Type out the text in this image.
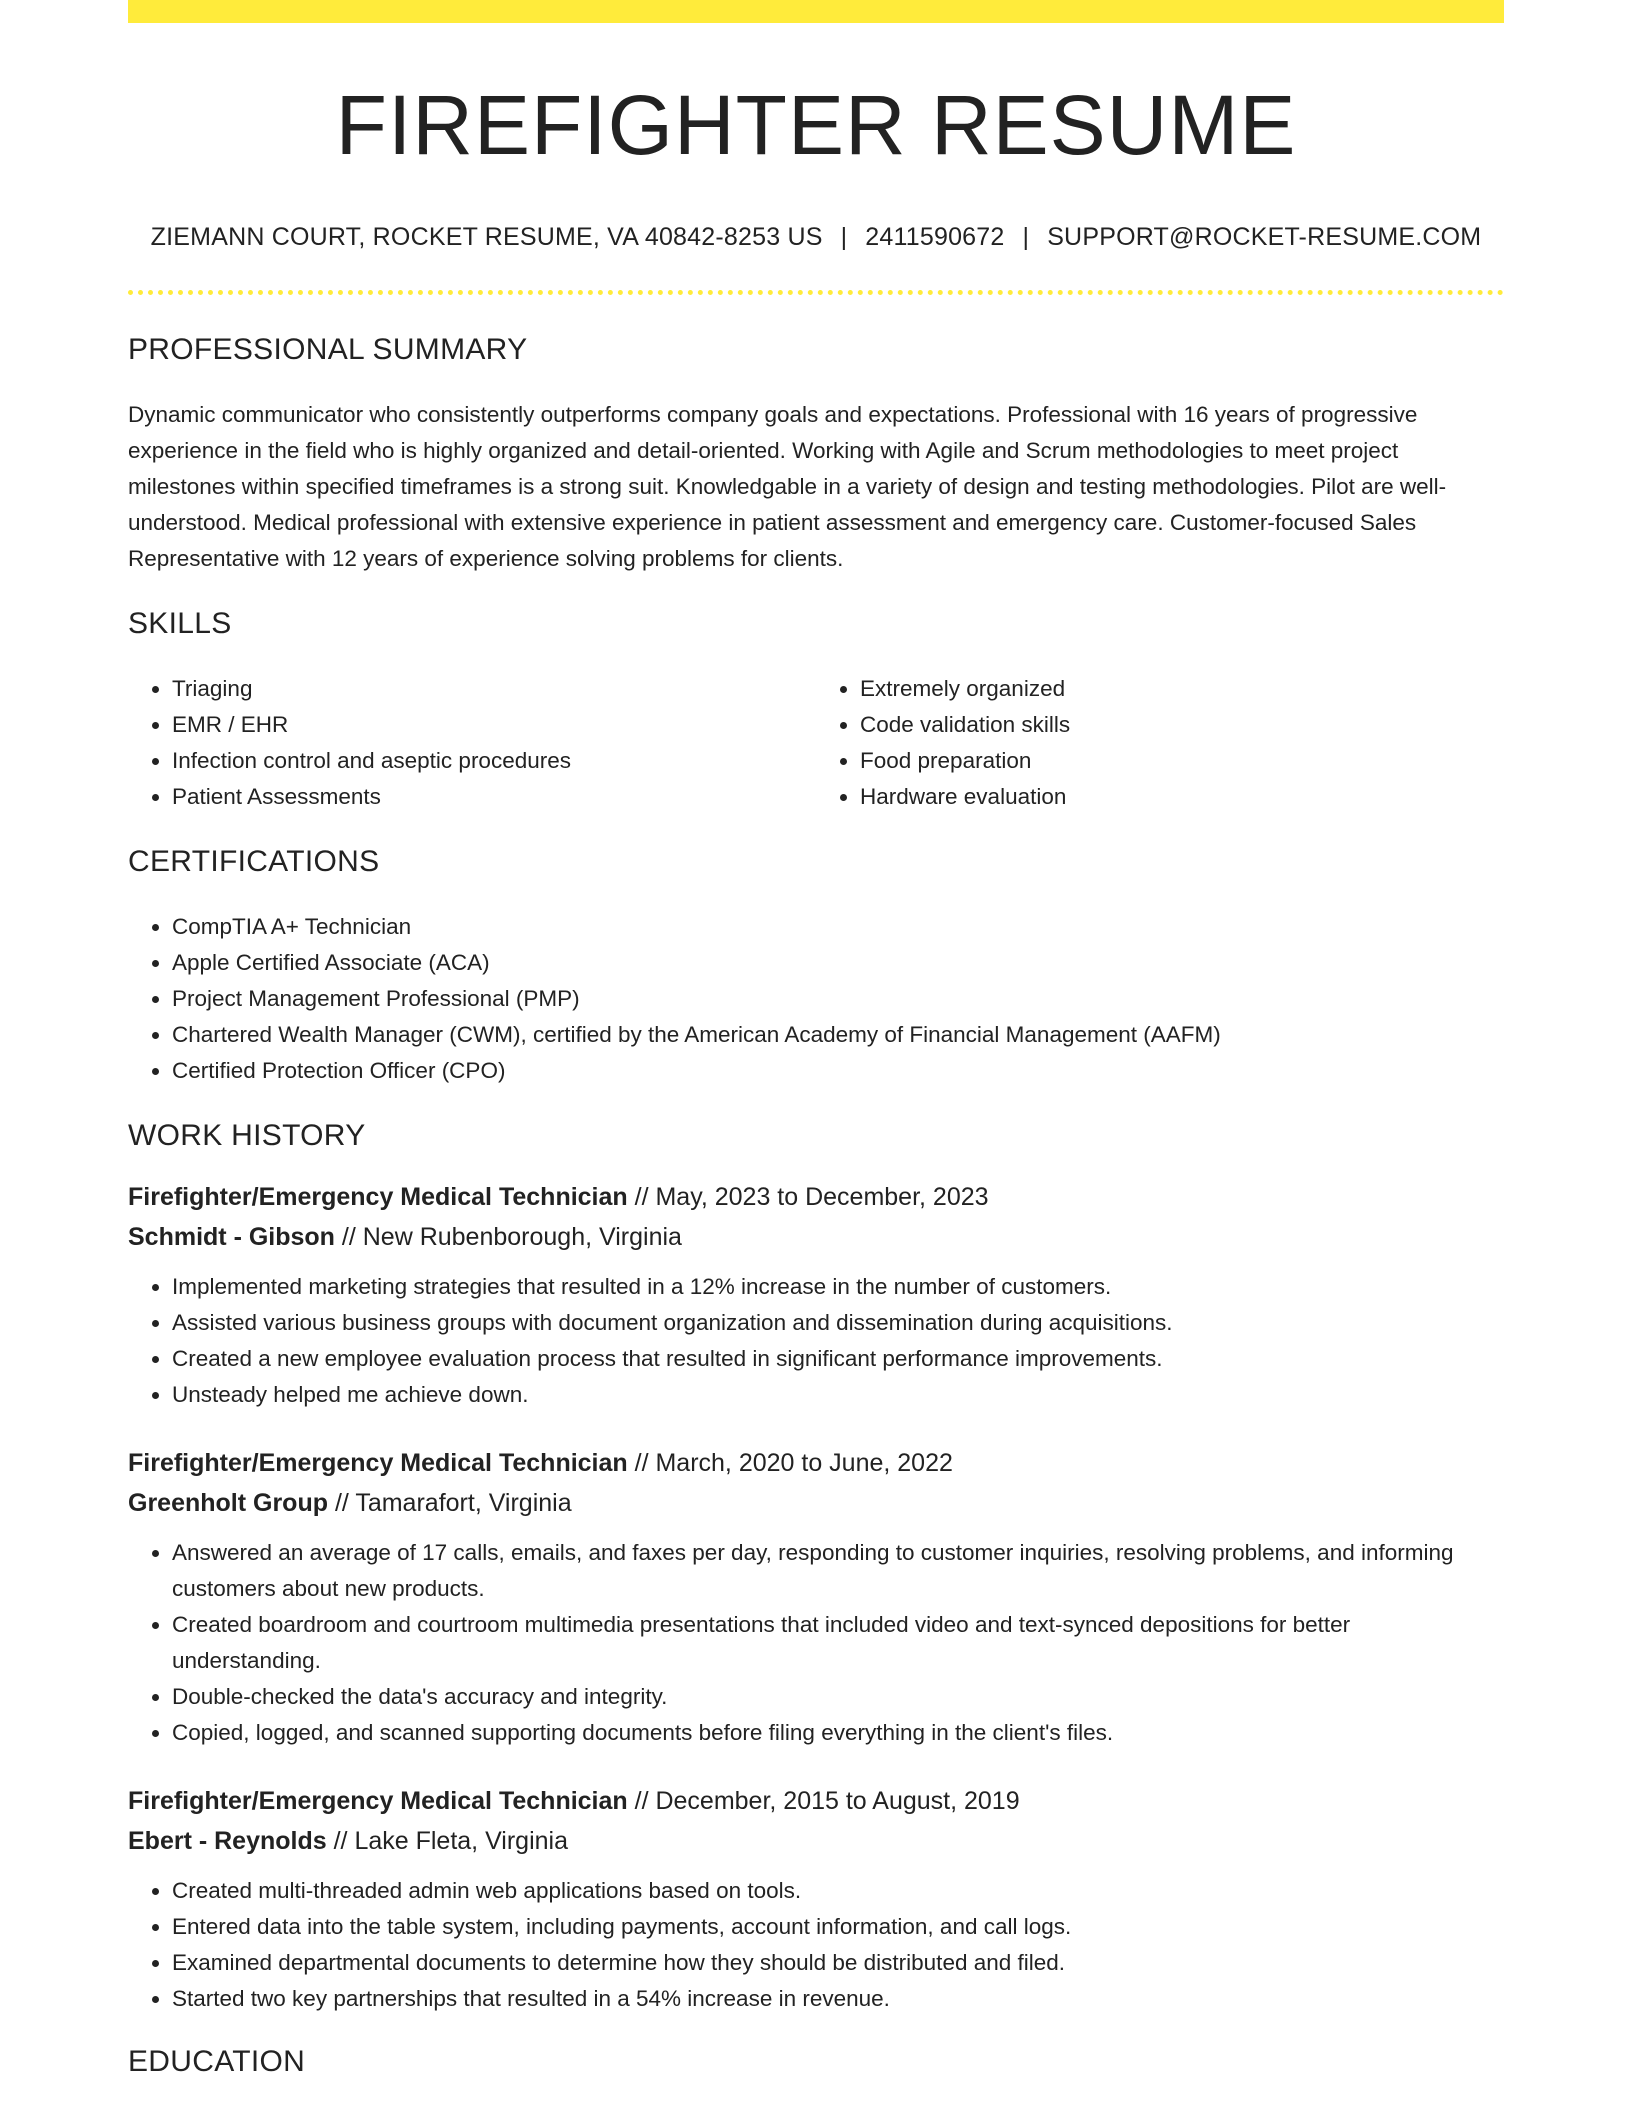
FIREFIGHTER RESUME
ZIEMANN COURT, ROCKET RESUME, VA 40842-8253 US | 2411590672 | SUPPORT@ROCKET-RESUME.COM
PROFESSIONAL SUMMARY

Dynamic communicator who consistently outperforms company goals and expectations. Professional with 16 years of progressive experience in the field who is highly organized and detail-oriented. Working with Agile and Scrum methodologies to meet project milestones within specified timeframes is a strong suit. Knowledgable in a variety of design and testing methodologies. Pilot are well-understood. Medical professional with extensive experience in patient assessment and emergency care. Customer-focused Sales Representative with 12 years of experience solving problems for clients.

SKILLS
• Triaging
• EMR / EHR
• Infection control and aseptic procedures
• Patient Assessments
• Extremely organized
• Code validation skills
• Food preparation
• Hardware evaluation
CERTIFICATIONS
• CompTIA A+ Technician
• Apple Certified Associate (ACA)
• Project Management Professional (PMP)
• Chartered Wealth Manager (CWM), certified by the American Academy of Financial Management (AAFM)
• Certified Protection Officer (CPO)
WORK HISTORY
Firefighter/Emergency Medical Technician // May, 2023 to December, 2023
Schmidt - Gibson // New Rubenborough, Virginia
• Implemented marketing strategies that resulted in a 12% increase in the number of customers.
• Assisted various business groups with document organization and dissemination during acquisitions.
• Created a new employee evaluation process that resulted in significant performance improvements.
• Unsteady helped me achieve down.
Firefighter/Emergency Medical Technician // March, 2020 to June, 2022
Greenholt Group // Tamarafort, Virginia
• Answered an average of 17 calls, emails, and faxes per day, responding to customer inquiries, resolving problems, and informing customers about new products.
• Created boardroom and courtroom multimedia presentations that included video and text-synced depositions for better understanding.
• Double-checked the data's accuracy and integrity.
• Copied, logged, and scanned supporting documents before filing everything in the client's files.
Firefighter/Emergency Medical Technician // December, 2015 to August, 2019
Ebert - Reynolds // Lake Fleta, Virginia
• Created multi-threaded admin web applications based on tools.
• Entered data into the table system, including payments, account information, and call logs.
• Examined departmental documents to determine how they should be distributed and filed.
• Started two key partnerships that resulted in a 54% increase in revenue.
EDUCATION
